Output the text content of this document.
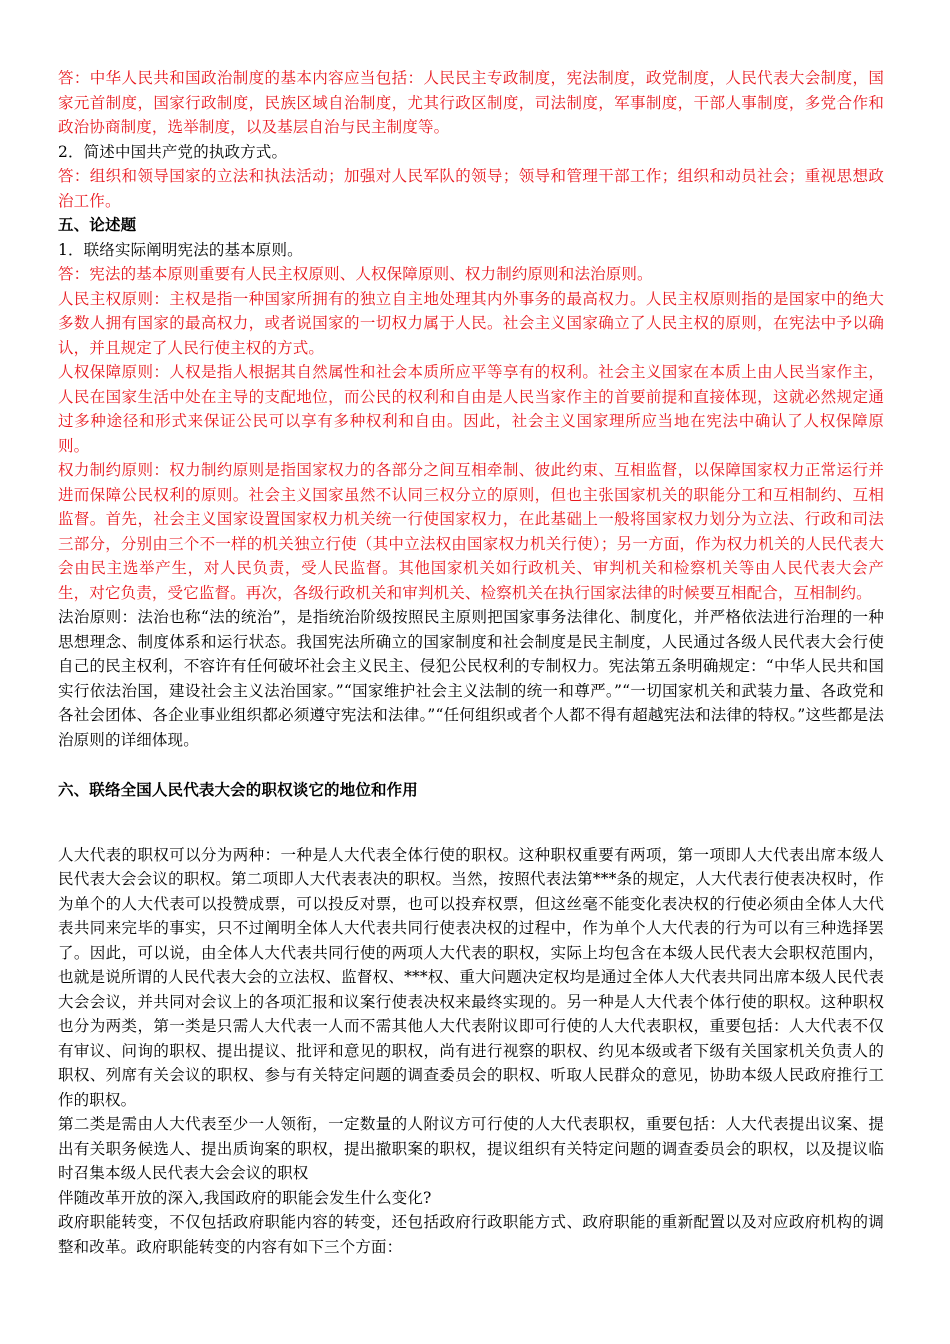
答：中华人民共和国政治制度的基本内容应当包括：人民民主专政制度，宪法制度，政党制度，人民代表大会制度，国家元首制度，国家行政制度，民族区域自治制度，尤其行政区制度，司法制度，军事制度，干部人事制度，多党合作和政治协商制度，选举制度，以及基层自治与民主制度等。

2．简述中国共产党的执政方式。

答：组织和领导国家的立法和执法活动；加强对人民军队的领导；领导和管理干部工作；组织和动员社会；重视思想政治工作。

五、论述题

1．联络实际阐明宪法的基本原则。

答：宪法的基本原则重要有人民主权原则、人权保障原则、权力制约原则和法治原则。

人民主权原则：主权是指一种国家所拥有的独立自主地处理其内外事务的最高权力。人民主权原则指的是国家中的绝大多数人拥有国家的最高权力，或者说国家的一切权力属于人民。社会主义国家确立了人民主权的原则，在宪法中予以确认，并且规定了人民行使主权的方式。

人权保障原则：人权是指人根据其自然属性和社会本质所应平等享有的权利。社会主义国家在本质上由人民当家作主，人民在国家生活中处在主导的支配地位，而公民的权利和自由是人民当家作主的首要前提和直接体现，这就必然规定通过多种途径和形式来保证公民可以享有多种权利和自由。因此，社会主义国家理所应当地在宪法中确认了人权保障原则。

权力制约原则：权力制约原则是指国家权力的各部分之间互相牵制、彼此约束、互相监督，以保障国家权力正常运行并进而保障公民权利的原则。社会主义国家虽然不认同三权分立的原则，但也主张国家机关的职能分工和互相制约、互相监督。首先，社会主义国家设置国家权力机关统一行使国家权力，在此基础上一般将国家权力划分为立法、行政和司法三部分，分别由三个不一样的机关独立行使（其中立法权由国家权力机关行使）；另一方面，作为权力机关的人民代表大会由民主选举产生，对人民负责，受人民监督。其他国家机关如行政机关、审判机关和检察机关等由人民代表大会产生，对它负责，受它监督。再次，各级行政机关和审判机关、检察机关在执行国家法律的时候要互相配合，互相制约。

法治原则：法治也称“法的统治”，是指统治阶级按照民主原则把国家事务法律化、制度化，并严格依法进行治理的一种思想理念、制度体系和运行状态。我国宪法所确立的国家制度和社会制度是民主制度，人民通过各级人民代表大会行使自己的民主权利，不容许有任何破坏社会主义民主、侵犯公民权利的专制权力。宪法第五条明确规定：“中华人民共和国实行依法治国，建设社会主义法治国家。”“国家维护社会主义法制的统一和尊严。”“一切国家机关和武装力量、各政党和各社会团体、各企业事业组织都必须遵守宪法和法律。”“任何组织或者个人都不得有超越宪法和法律的特权。”这些都是法治原则的详细体现。

六、联络全国人民代表大会的职权谈它的地位和作用

人大代表的职权可以分为两种：一种是人大代表全体行使的职权。这种职权重要有两项，第一项即人大代表出席本级人民代表大会会议的职权。第二项即人大代表表决的职权。当然，按照代表法第***条的规定，人大代表行使表决权时，作为单个的人大代表可以投赞成票，可以投反对票，也可以投弃权票，但这丝毫不能变化表决权的行使必须由全体人大代表共同来完毕的事实，只不过阐明全体人大代表共同行使表决权的过程中，作为单个人大代表的行为可以有三种选择罢了。因此，可以说，由全体人大代表共同行使的两项人大代表的职权，实际上均包含在本级人民代表大会职权范围内，也就是说所谓的人民代表大会的立法权、监督权、***权、重大问题决定权均是通过全体人大代表共同出席本级人民代表大会会议，并共同对会议上的各项汇报和议案行使表决权来最终实现的。另一种是人大代表个体行使的职权。这种职权也分为两类，第一类是只需人大代表一人而不需其他人大代表附议即可行使的人大代表职权，重要包括：人大代表不仅有审议、问询的职权、提出提议、批评和意见的职权，尚有进行视察的职权、约见本级或者下级有关国家机关负责人的职权、列席有关会议的职权、参与有关特定问题的调查委员会的职权、听取人民群众的意见，协助本级人民政府推行工作的职权。

第二类是需由人大代表至少一人领衔，一定数量的人附议方可行使的人大代表职权，重要包括：人大代表提出议案、提出有关职务候选人、提出质询案的职权，提出撤职案的职权，提议组织有关特定问题的调查委员会的职权，以及提议临时召集本级人民代表大会会议的职权

伴随改革开放的深入,我国政府的职能会发生什么变化?

政府职能转变，不仅包括政府职能内容的转变，还包括政府行政职能方式、政府职能的重新配置以及对应政府机构的调整和改革。政府职能转变的内容有如下三个方面：
